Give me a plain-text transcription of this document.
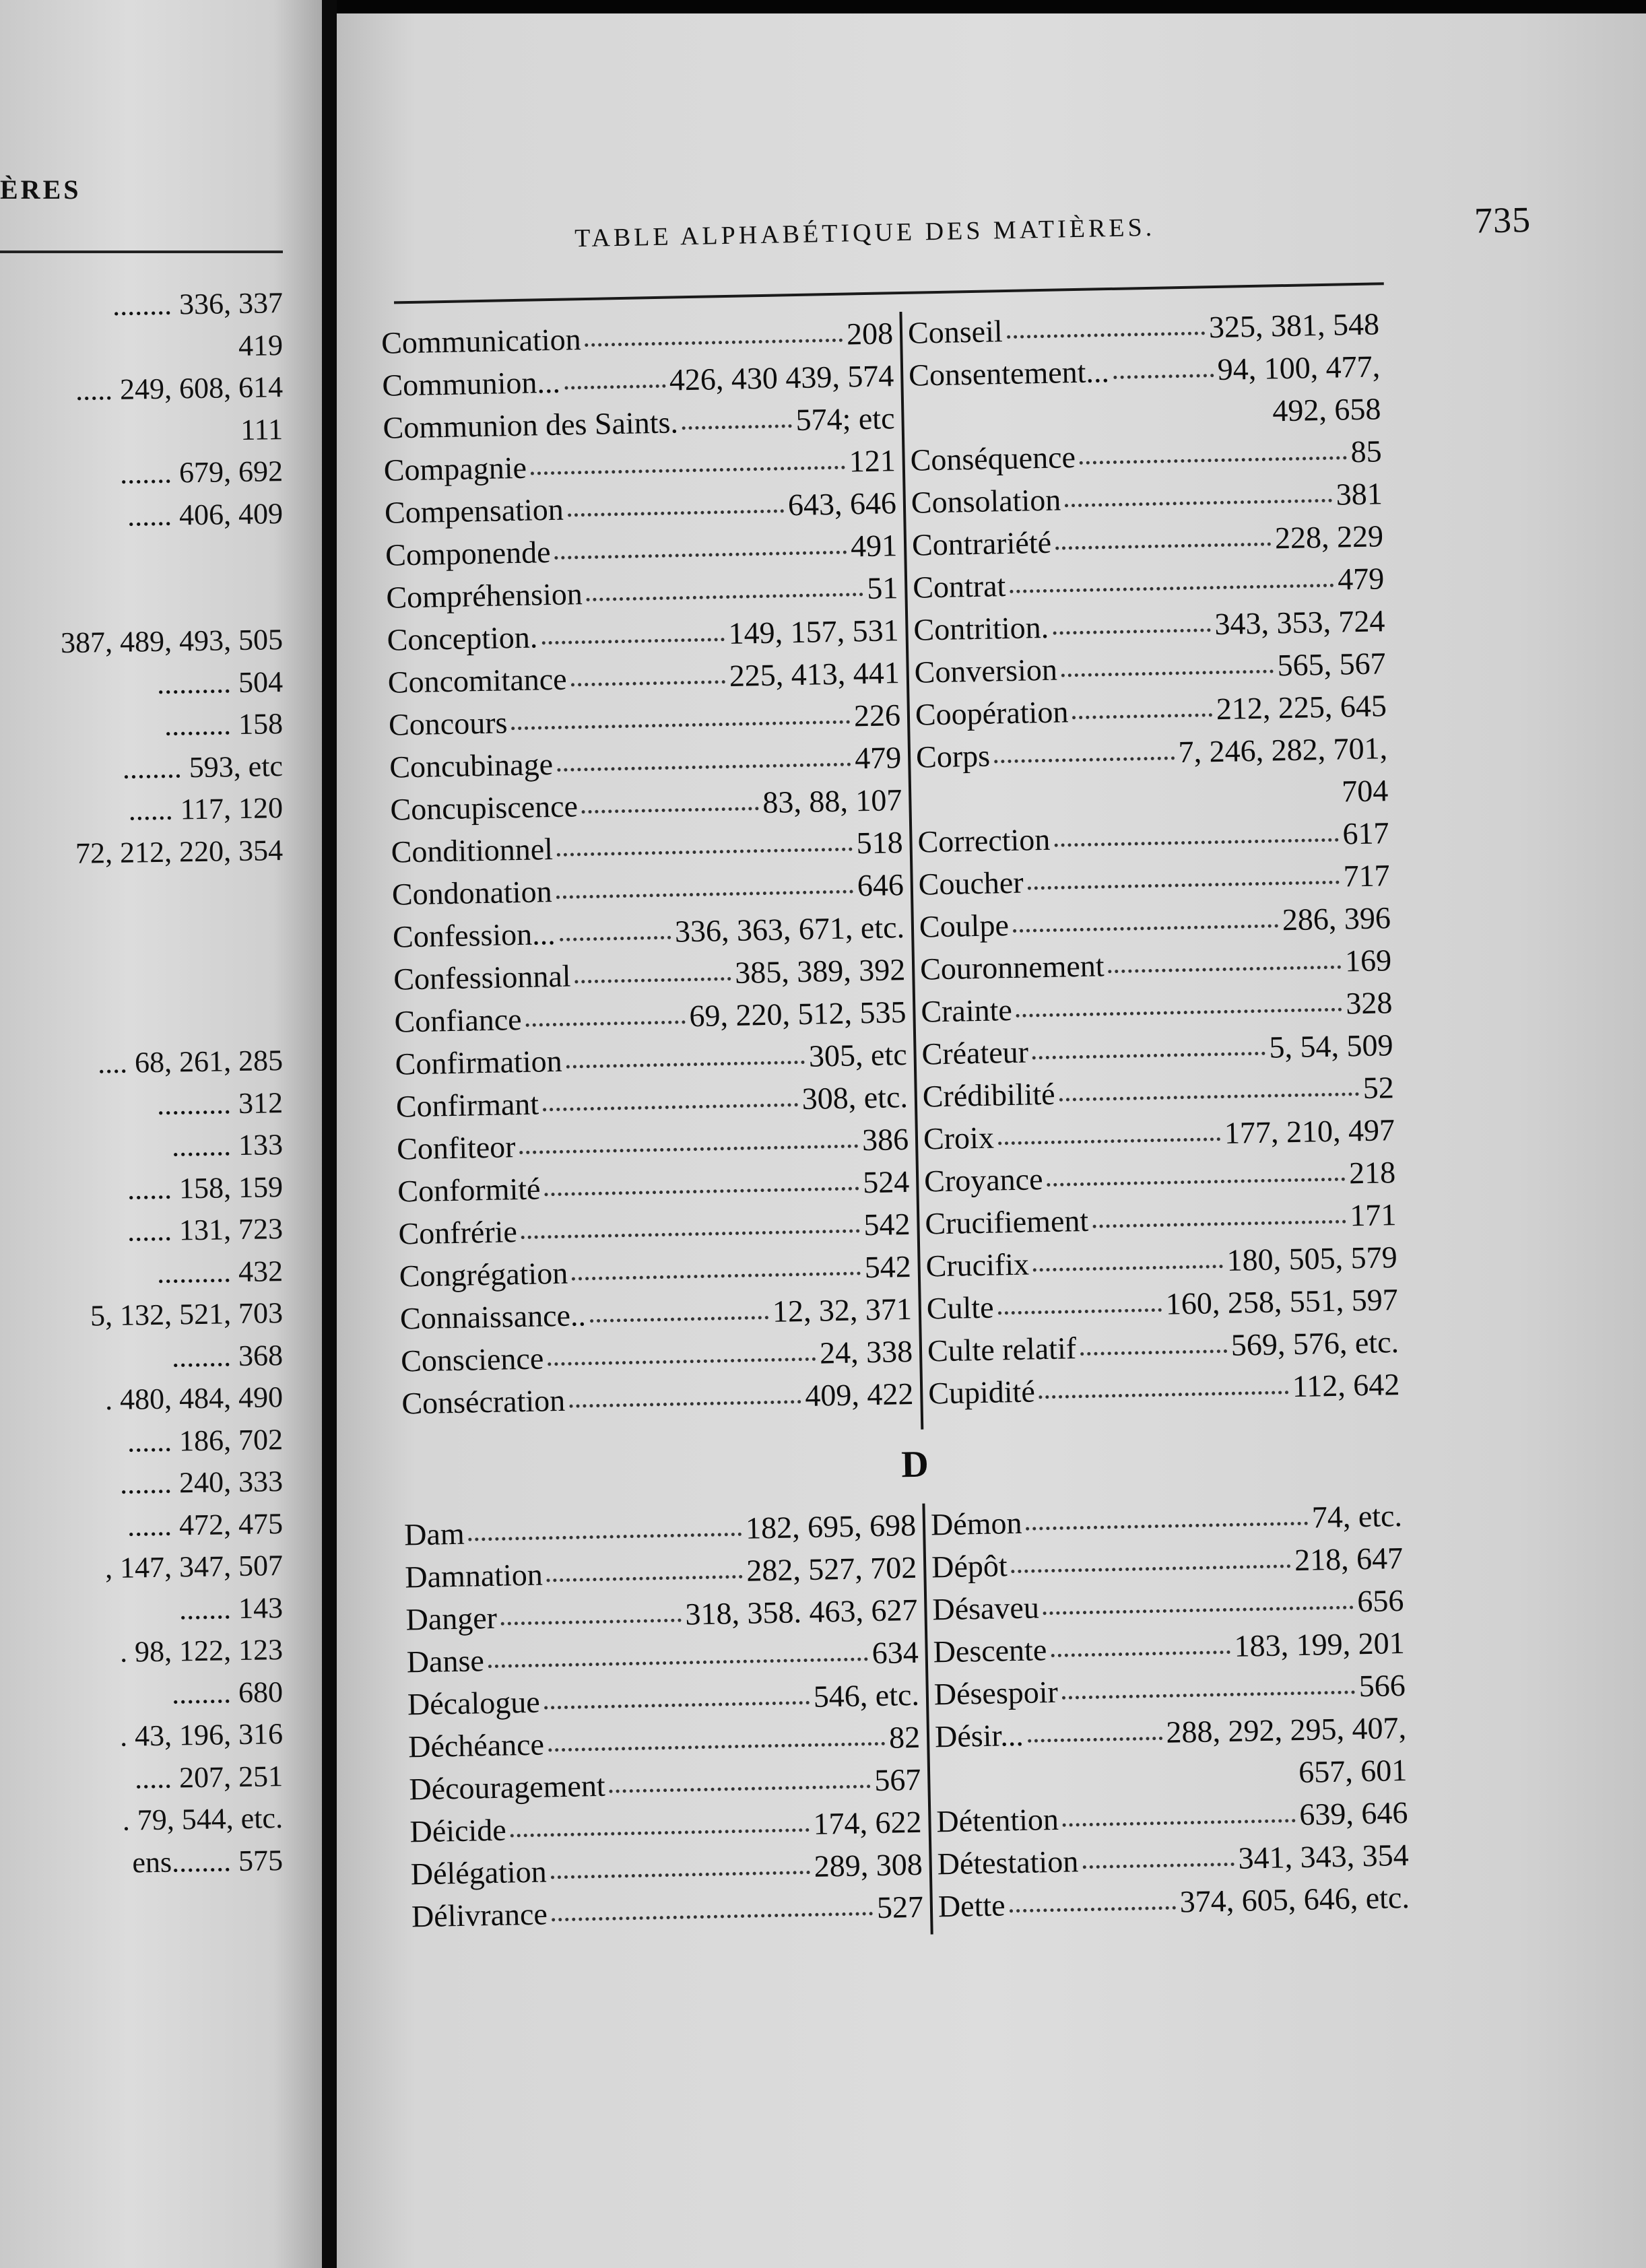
ÈRES
........ 336, 337
419
..... 249, 608, 614
111
....... 679, 692
...... 406, 409
387, 489, 493, 505
.......... 504
......... 158
........ 593, etc
...... 117, 120
72, 212, 220, 354
.... 68, 261, 285
.......... 312
........ 133
...... 158, 159
...... 131, 723
.......... 432
5, 132, 521, 703
........ 368
. 480, 484, 490
...... 186, 702
....... 240, 333
...... 472, 475
, 147, 347, 507
....... 143
. 98, 122, 123
........ 680
. 43, 196, 316
..... 207, 251
. 79, 544, etc.
ens........ 575
TABLE ALPHABÉTIQUE DES MATIÈRES.	735
Communication	208
Communion...	426, 430 439, 574
Communion des Saints.	574; etc
Compagnie	121
Compensation	643, 646
Componende	491
Compréhension	51
Conception.	149, 157, 531
Concomitance	225, 413, 441
Concours	226
Concubinage	479
Concupiscence	83, 88, 107
Conditionnel	518
Condonation	646
Confession...	336, 363, 671, etc.
Confessionnal	385, 389, 392
Confiance	69, 220, 512, 535
Confirmation	305, etc
Confirmant	308, etc.
Confiteor	386
Conformité	524
Confrérie	542
Congrégation	542
Connaissance..	12, 32, 371
Conscience	24, 338
Consécration	409, 422
Conseil	325, 381, 548
Consentement...	94, 100, 477,
492, 658
Conséquence	85
Consolation	381
Contrariété	228, 229
Contrat	479
Contrition.	343, 353, 724
Conversion	565, 567
Coopération	212, 225, 645
Corps	7, 246, 282, 701,
704
Correction	617
Coucher	717
Coulpe	286, 396
Couronnement	169
Crainte	328
Créateur	5, 54, 509
Crédibilité	52
Croix	177, 210, 497
Croyance	218
Crucifiement	171
Crucifix	180, 505, 579
Culte	160, 258, 551, 597
Culte relatif	569, 576, etc.
Cupidité	112, 642
D
Dam	182, 695, 698
Damnation	282, 527, 702
Danger	318, 358. 463, 627
Danse	634
Décalogue	546, etc.
Déchéance	82
Découragement	567
Déicide	174, 622
Délégation	289, 308
Délivrance	527
Démon	74, etc.
Dépôt	218, 647
Désaveu	656
Descente	183, 199, 201
Désespoir	566
Désir...	288, 292, 295, 407,
657, 601
Détention	639, 646
Détestation	341, 343, 354
Dette	374, 605, 646, etc.
